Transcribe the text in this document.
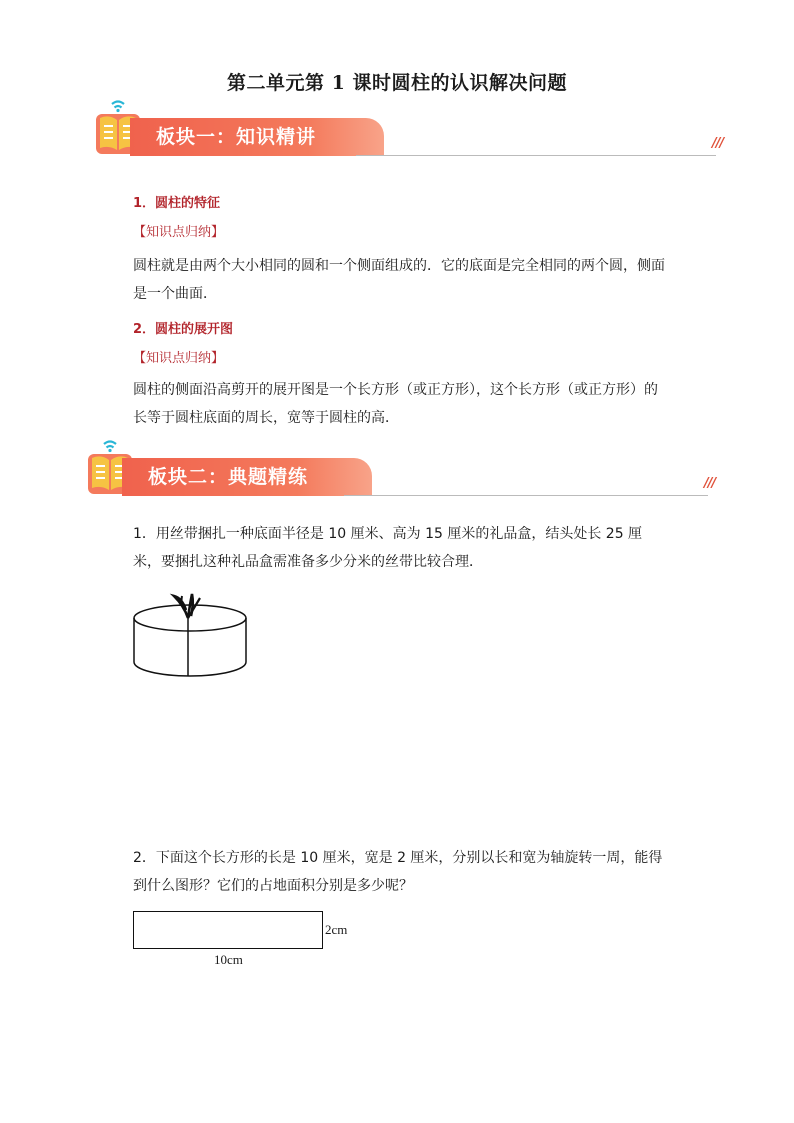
第二单元第 1 课时圆柱的认识解决问题
板块一：知识精讲	///
1．圆柱的特征
【知识点归纳】
圆柱就是由两个大小相同的圆和一个侧面组成的．它的底面是完全相同的两个圆，侧面是一个曲面．
2．圆柱的展开图
【知识点归纳】
圆柱的侧面沿高剪开的展开图是一个长方形（或正方形），这个长方形（或正方形）的长等于圆柱底面的周长，宽等于圆柱的高．
板块二：典题精练	///
1．用丝带捆扎一种底面半径是 10 厘米、高为 15 厘米的礼品盒，结头处长 25 厘米，要捆扎这种礼品盒需准备多少分米的丝带比较合理．
2．下面这个长方形的长是 10 厘米，宽是 2 厘米，分别以长和宽为轴旋转一周，能得到什么图形？它们的占地面积分别是多少呢？
2cm
10cm
